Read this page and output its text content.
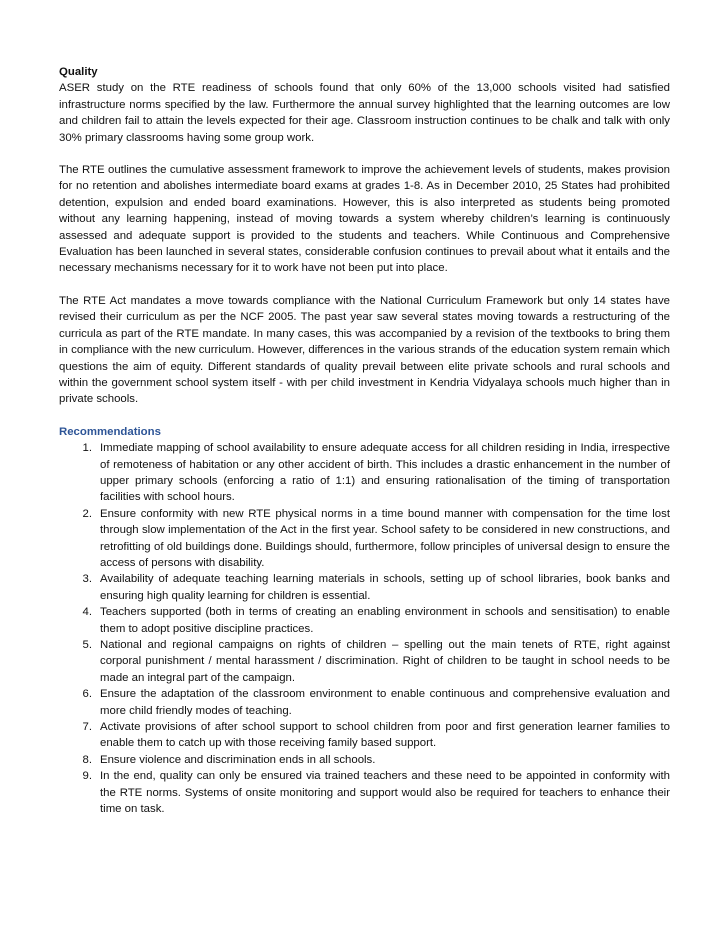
Quality

ASER study on the RTE readiness of schools found that only 60% of the 13,000 schools visited had satisfied infrastructure norms specified by the law. Furthermore the annual survey highlighted that the learning outcomes are low and children fail to attain the levels expected for their age. Classroom instruction continues to be chalk and talk with only 30% primary classrooms having some group work.

The RTE outlines the cumulative assessment framework to improve the achievement levels of students, makes provision for no retention and abolishes intermediate board exams at grades 1-8. As in December 2010, 25 States had prohibited detention, expulsion and ended board examinations. However, this is also interpreted as students being promoted without any learning happening, instead of moving towards a system whereby children’s learning is continuously assessed and adequate support is provided to the students and teachers. While Continuous and Comprehensive Evaluation has been launched in several states, considerable confusion continues to prevail about what it entails and the necessary mechanisms necessary for it to work have not been put into place.

The RTE Act mandates a move towards compliance with the National Curriculum Framework but only 14 states have revised their curriculum as per the NCF 2005. The past year saw several states moving towards a restructuring of the curricula as part of the RTE mandate. In many cases, this was accompanied by a revision of the textbooks to bring them in compliance with the new curriculum. However, differences in the various strands of the education system remain which questions the aim of equity. Different standards of quality prevail between elite private schools and rural schools and within the government school system itself - with per child investment in Kendria Vidyalaya schools much higher than in private schools.

Recommendations
1. Immediate mapping of school availability to ensure adequate access for all children residing in India, irrespective of remoteness of habitation or any other accident of birth. This includes a drastic enhancement in the number of upper primary schools (enforcing a ratio of 1:1) and ensuring rationalisation of the timing of transportation facilities with school hours.
2. Ensure conformity with new RTE physical norms in a time bound manner with compensation for the time lost through slow implementation of the Act in the first year. School safety to be considered in new constructions, and retrofitting of old buildings done. Buildings should, furthermore, follow principles of universal design to ensure the access of persons with disability.
3. Availability of adequate teaching learning materials in schools, setting up of school libraries, book banks and ensuring high quality learning for children is essential.
4. Teachers supported (both in terms of creating an enabling environment in schools and sensitisation) to enable them to adopt positive discipline practices.
5. National and regional campaigns on rights of children – spelling out the main tenets of RTE, right against corporal punishment / mental harassment / discrimination. Right of children to be taught in school needs to be made an integral part of the campaign.
6. Ensure the adaptation of the classroom environment to enable continuous and comprehensive evaluation and more child friendly modes of teaching.
7. Activate provisions of after school support to school children from poor and first generation learner families to enable them to catch up with those receiving family based support.
8. Ensure violence and discrimination ends in all schools.
9. In the end, quality can only be ensured via trained teachers and these need to be appointed in conformity with the RTE norms. Systems of onsite monitoring and support would also be required for teachers to enhance their time on task.
